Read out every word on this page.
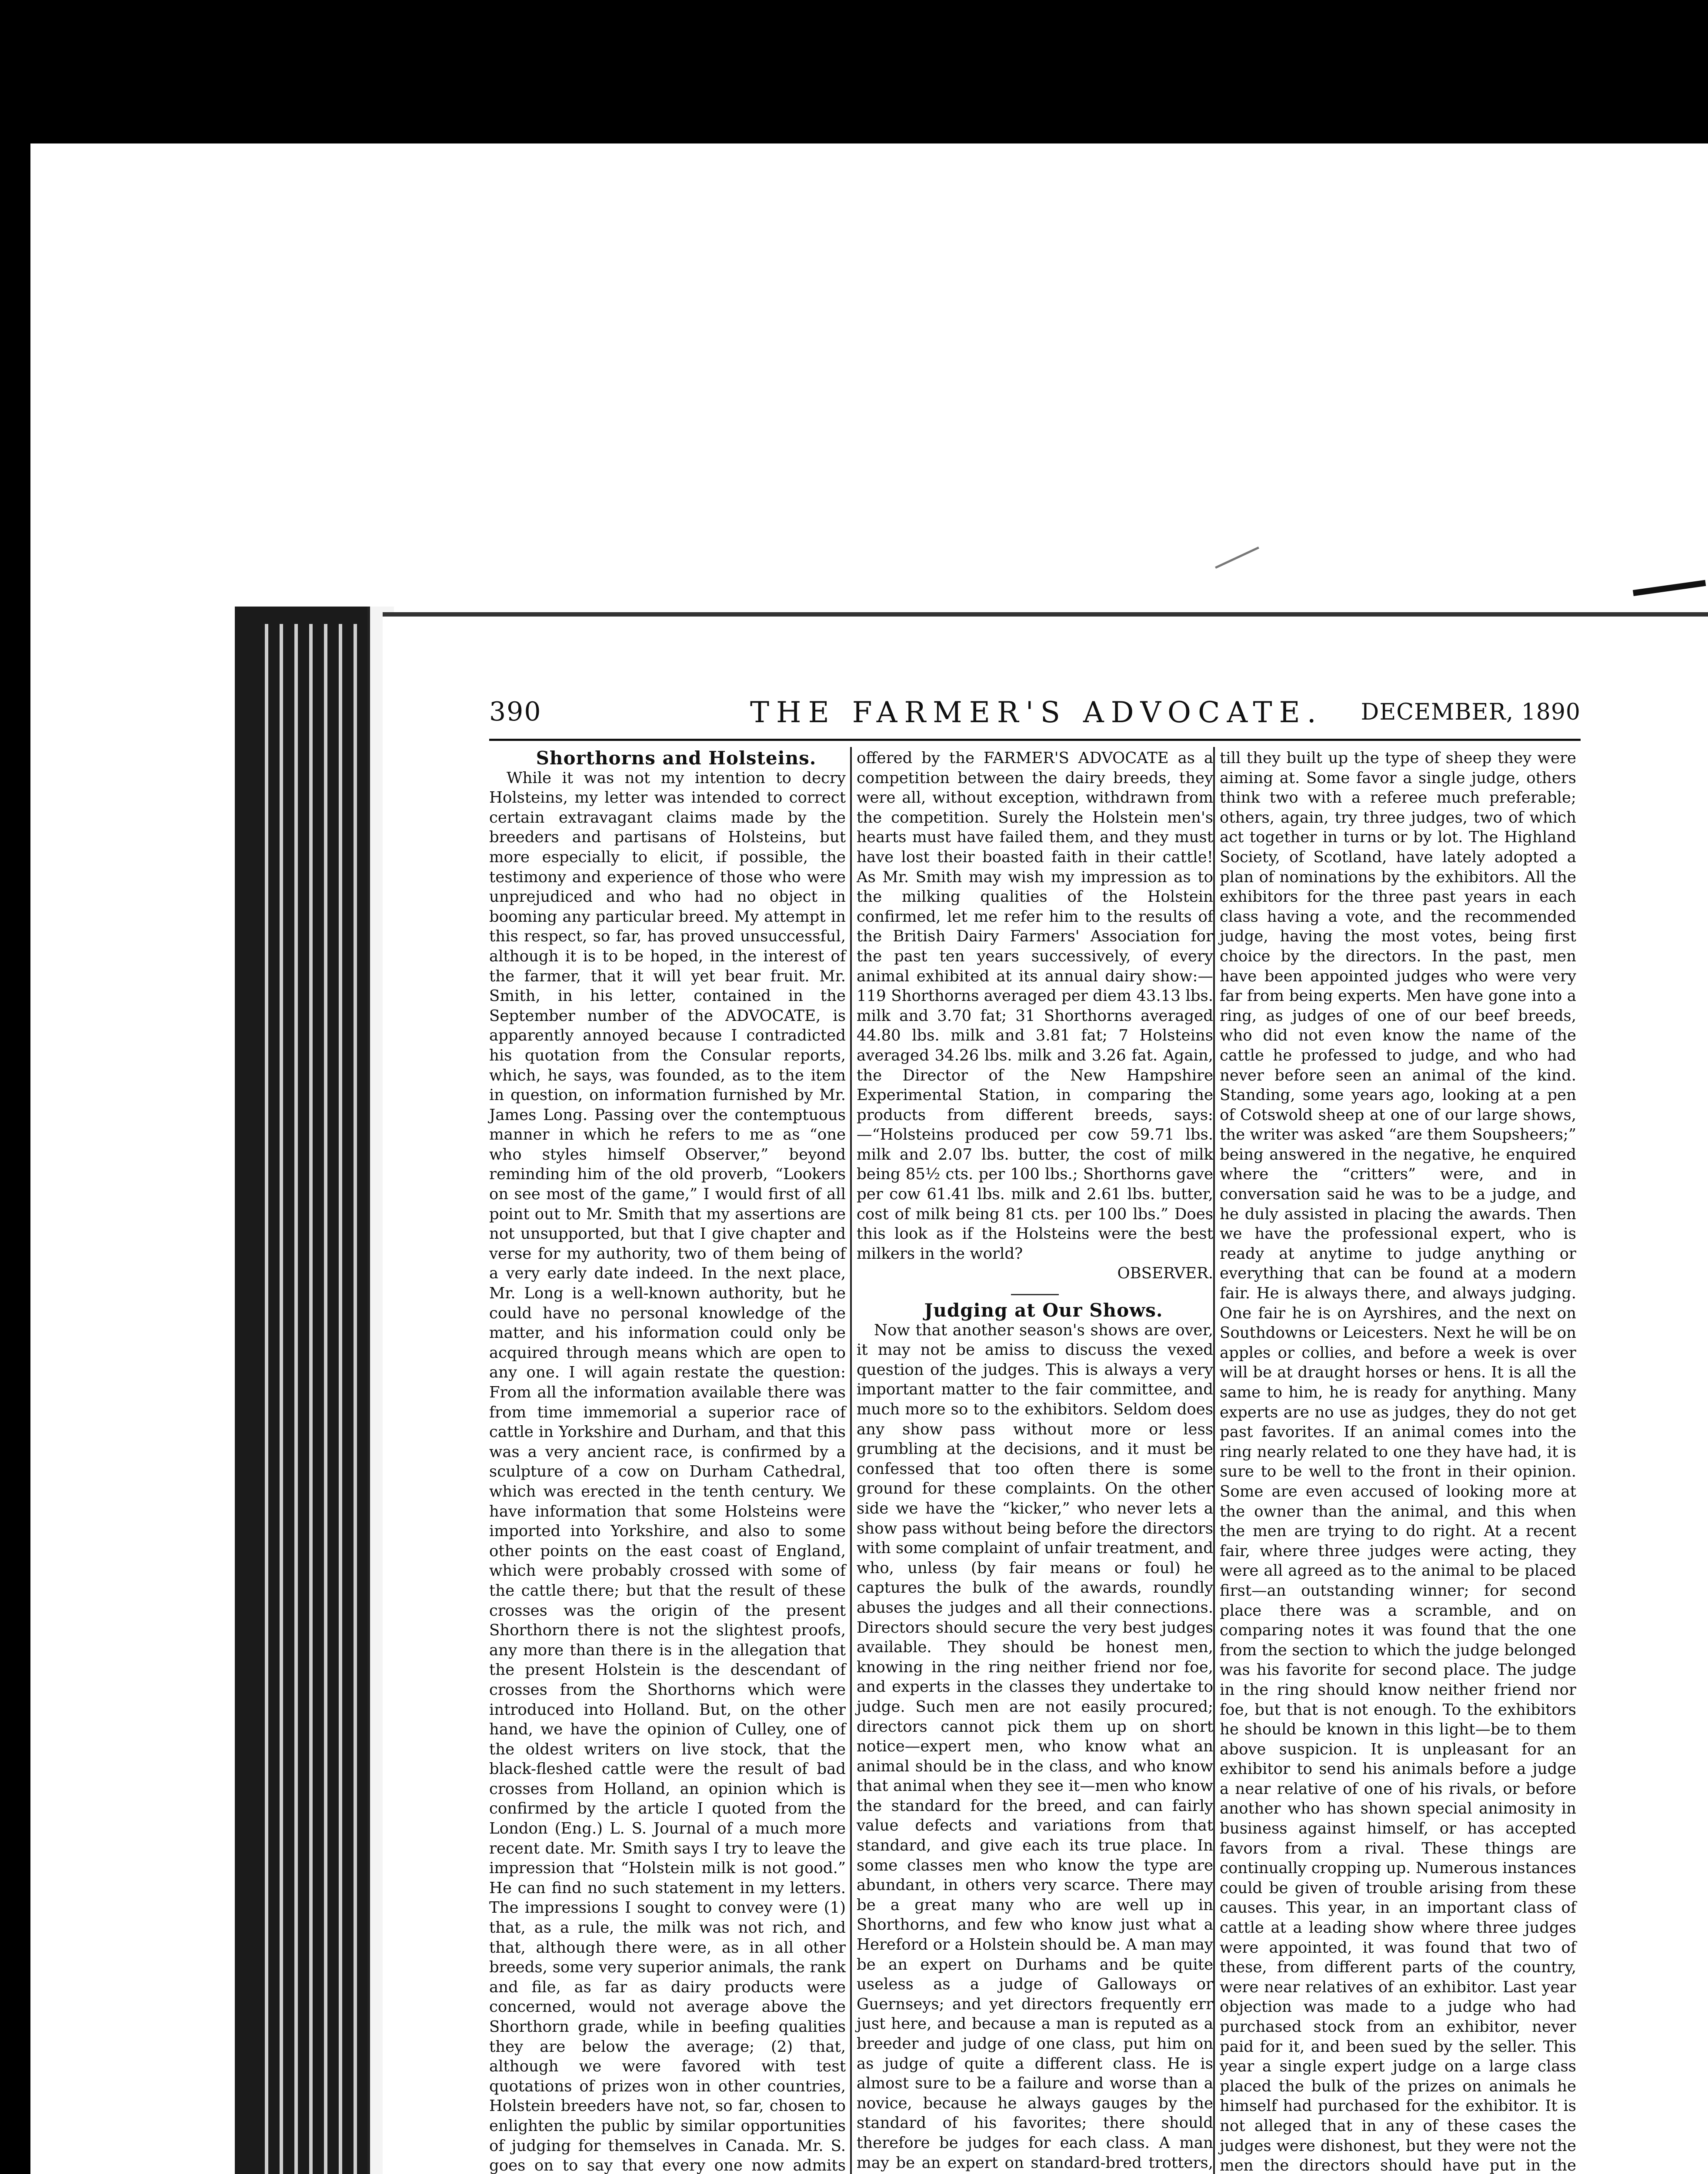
390	THE FARMER'S ADVOCATE. DECEMBER, 1890

Shorthorns and Holsteins.

While it was not my intention to decry Holsteins, my letter was intended to correct certain extravagant claims made by the breeders and partisans of Holsteins, but more especially to elicit, if possible, the testimony and experience of those who were unprejudiced and who had no object in booming any particular breed. My attempt in this respect, so far, has proved unsuccessful, although it is to be hoped, in the interest of the farmer, that it will yet bear fruit. Mr. Smith, in his letter, contained in the September number of the ADVOCATE, is apparently annoyed because I contradicted his quotation from the Consular reports, which, he says, was founded, as to the item in question, on information furnished by Mr. James Long. Passing over the contemptuous manner in which he refers to me as “one who styles himself Observer,” beyond reminding him of the old proverb, “Lookers on see most of the game,” I would first of all point out to Mr. Smith that my assertions are not unsupported, but that I give chapter and verse for my authority, two of them being of a very early date indeed. In the next place, Mr. Long is a well-known authority, but he could have no personal knowledge of the matter, and his information could only be acquired through means which are open to any one. I will again restate the question: From all the information available there was from time immemorial a superior race of cattle in Yorkshire and Durham, and that this was a very ancient race, is confirmed by a sculpture of a cow on Durham Cathedral, which was erected in the tenth century. We have information that some Holsteins were imported into Yorkshire, and also to some other points on the east coast of England, which were probably crossed with some of the cattle there; but that the result of these crosses was the origin of the present Shorthorn there is not the slightest proofs, any more than there is in the allegation that the present Holstein is the descendant of crosses from the Shorthorns which were introduced into Holland. But, on the other hand, we have the opinion of Culley, one of the oldest writers on live stock, that the black-fleshed cattle were the result of bad crosses from Holland, an opinion which is confirmed by the article I quoted from the London (Eng.) L. S. Journal of a much more recent date. Mr. Smith says I try to leave the impression that “Holstein milk is not good.” He can find no such statement in my letters. The impressions I sought to convey were (1) that, as a rule, the milk was not rich, and that, although there were, as in all other breeds, some very superior animals, the rank and file, as far as dairy products were concerned, would not average above the Shorthorn grade, while in beefing qualities they are below the average; (2) that, although we were favored with test quotations of prizes won in other countries, Holstein breeders have not, so far, chosen to enlighten the public by similar opportunities of judging for themselves in Canada. Mr. S. goes on to say that every one now admits

offered by the FARMER'S ADVOCATE as a competition between the dairy breeds, they were all, without exception, withdrawn from the competition. Surely the Holstein men's hearts must have failed them, and they must have lost their boasted faith in their cattle! As Mr. Smith may wish my impression as to the milking qualities of the Holstein confirmed, let me refer him to the results of the British Dairy Farmers' Association for the past ten years successively, of every animal exhibited at its annual dairy show:—119 Shorthorns averaged per diem 43.13 lbs. milk and 3.70 fat; 31 Shorthorns averaged 44.80 lbs. milk and 3.81 fat; 7 Holsteins averaged 34.26 lbs. milk and 3.26 fat. Again, the Director of the New Hampshire Experimental Station, in comparing the products from different breeds, says:—“Holsteins produced per cow 59.71 lbs. milk and 2.07 lbs. butter, the cost of milk being 85½ cts. per 100 lbs.; Shorthorns gave per cow 61.41 lbs. milk and 2.61 lbs. butter, cost of milk being 81 cts. per 100 lbs.” Does this look as if the Holsteins were the best milkers in the world?

OBSERVER.

Judging at Our Shows.

Now that another season's shows are over, it may not be amiss to discuss the vexed question of the judges. This is always a very important matter to the fair committee, and much more so to the exhibitors. Seldom does any show pass without more or less grumbling at the decisions, and it must be confessed that too often there is some ground for these complaints. On the other side we have the “kicker,” who never lets a show pass without being before the directors with some complaint of unfair treatment, and who, unless (by fair means or foul) he captures the bulk of the awards, roundly abuses the judges and all their connections. Directors should secure the very best judges available. They should be honest men, knowing in the ring neither friend nor foe, and experts in the classes they undertake to judge. Such men are not easily procured; directors cannot pick them up on short notice—expert men, who know what an animal should be in the class, and who know that animal when they see it—men who know the standard for the breed, and can fairly value defects and variations from that standard, and give each its true place. In some classes men who know the type are abundant, in others very scarce. There may be a great many who are well up in Shorthorns, and few who know just what a Hereford or a Holstein should be. A man may be an expert on Durhams and be quite useless as a judge of Galloways or Guernseys; and yet directors frequently err just here, and because a man is reputed as a breeder and judge of one class, put him on as judge of quite a different class. He is almost sure to be a failure and worse than a novice, because he always gauges by the standard of his favorites; there should therefore be judges for each class. A man may be an expert on standard-bred trotters,

till they built up the type of sheep they were aiming at. Some favor a single judge, others think two with a referee much preferable; others, again, try three judges, two of which act together in turns or by lot. The Highland Society, of Scotland, have lately adopted a plan of nominations by the exhibitors. All the exhibitors for the three past years in each class having a vote, and the recommended judge, having the most votes, being first choice by the directors. In the past, men have been appointed judges who were very far from being experts. Men have gone into a ring, as judges of one of our beef breeds, who did not even know the name of the cattle he professed to judge, and who had never before seen an animal of the kind. Standing, some years ago, looking at a pen of Cotswold sheep at one of our large shows, the writer was asked “are them Soupsheers;” being answered in the negative, he enquired where the “critters” were, and in conversation said he was to be a judge, and he duly assisted in placing the awards. Then we have the professional expert, who is ready at anytime to judge anything or everything that can be found at a modern fair. He is always there, and always judging. One fair he is on Ayrshires, and the next on Southdowns or Leicesters. Next he will be on apples or collies, and before a week is over will be at draught horses or hens. It is all the same to him, he is ready for anything. Many experts are no use as judges, they do not get past favorites. If an animal comes into the ring nearly related to one they have had, it is sure to be well to the front in their opinion. Some are even accused of looking more at the owner than the animal, and this when the men are trying to do right. At a recent fair, where three judges were acting, they were all agreed as to the animal to be placed first—an outstanding winner; for second place there was a scramble, and on comparing notes it was found that the one from the section to which the judge belonged was his favorite for second place. The judge in the ring should know neither friend nor foe, but that is not enough. To the exhibitors he should be known in this light—be to them above suspicion. It is unpleasant for an exhibitor to send his animals before a judge a near relative of one of his rivals, or before another who has shown special animosity in business against himself, or has accepted favors from a rival. These things are continually cropping up. Numerous instances could be given of trouble arising from these causes. This year, in an important class of cattle at a leading show where three judges were appointed, it was found that two of these, from different parts of the country, were near relatives of an exhibitor. Last year objection was made to a judge who had purchased stock from an exhibitor, never paid for it, and been sued by the seller. This year a single expert judge on a large class placed the bulk of the prizes on animals he himself had purchased for the exhibitor. It is not alleged that in any of these cases the judges were dishonest, but they were not the men the directors should have put in the
